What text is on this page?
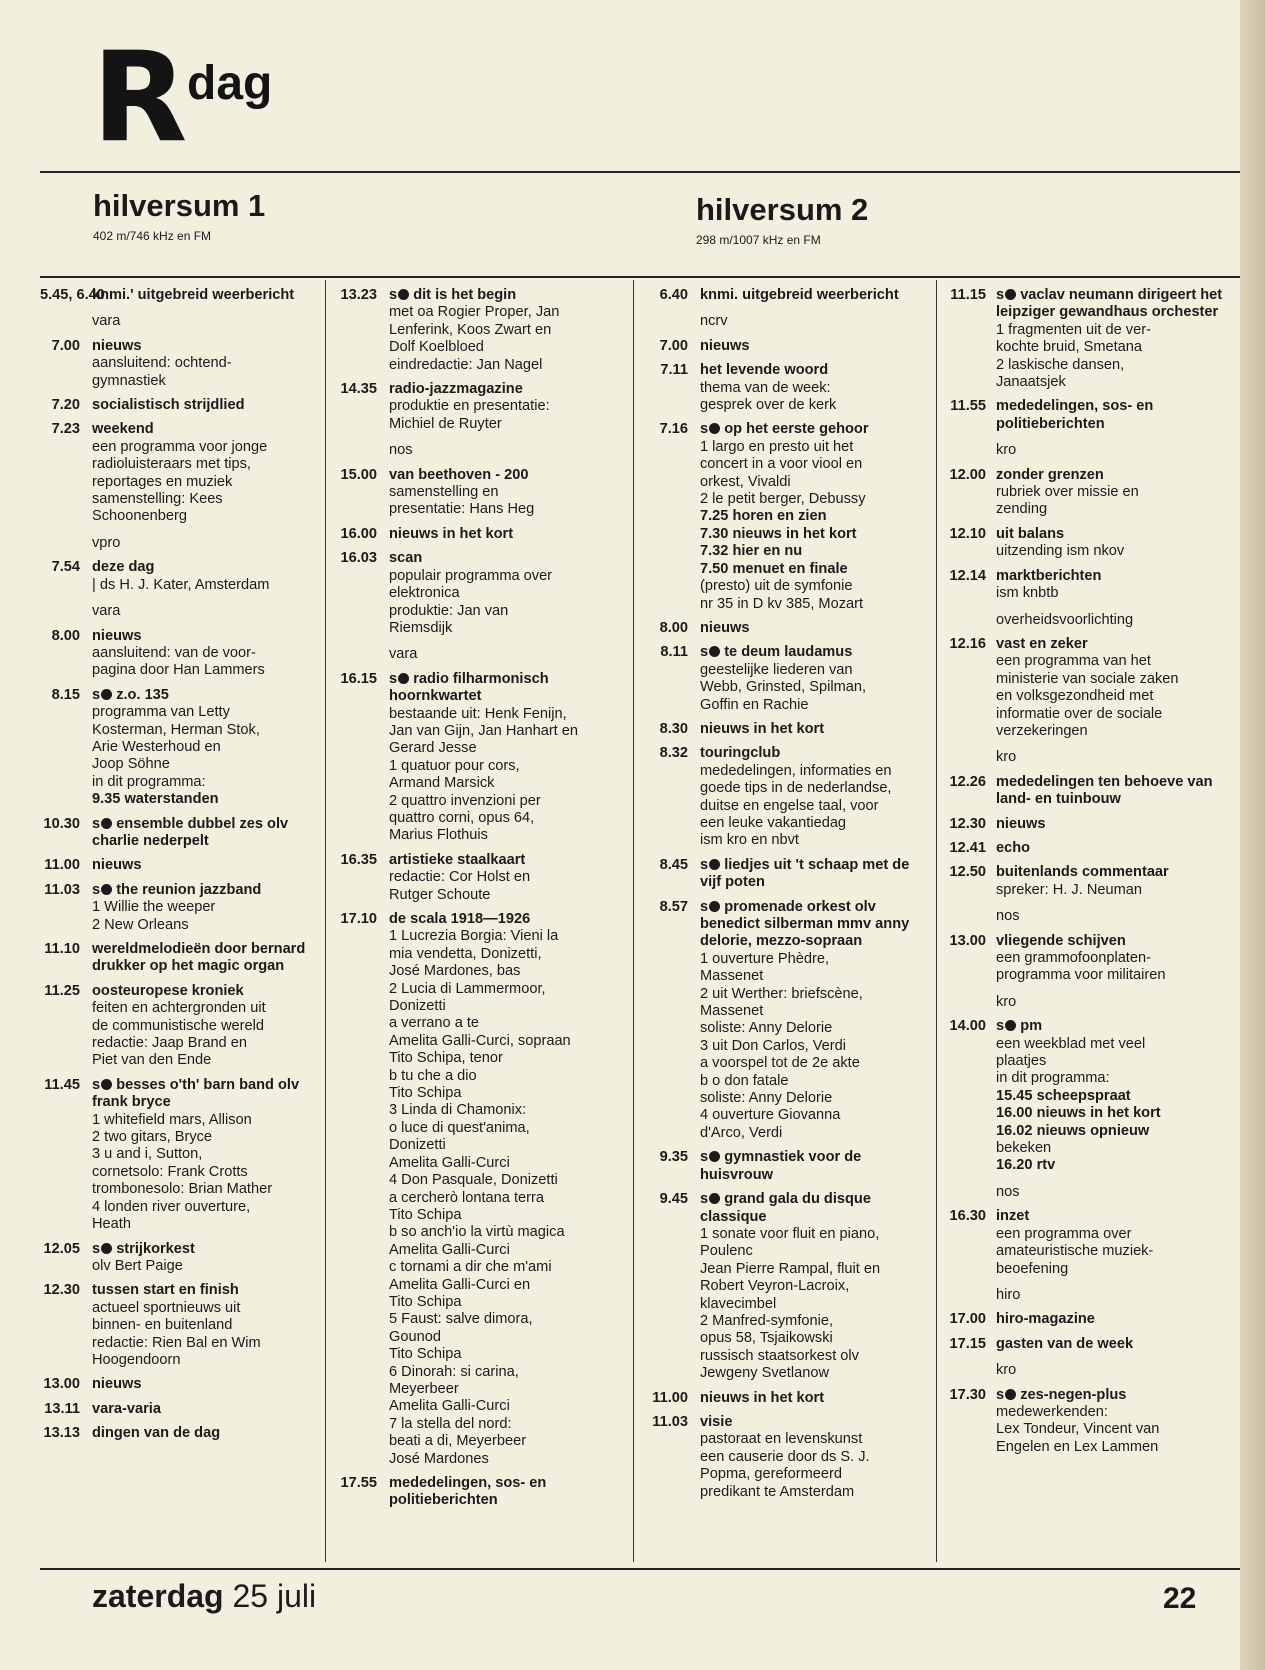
R dag
hilversum 1
402 m/746 kHz en FM
hilversum 2
298 m/1007 kHz en FM
5.45, 6.40
knmi.' uitgebreid weerbericht
vara
7.00 nieuws
aansluitend: ochtend-
gymnastiek
7.20 socialistisch strijdlied
7.23 weekend
een programma voor jonge
radioluisteraars met tips,
reportages en muziek
samenstelling: Kees
Schoonenberg
vpro
7.54 deze dag
| ds H. J. Kater, Amsterdam
vara
8.00 nieuws
aansluitend: van de voor-
pagina door Han Lammers
8.15 s z.o. 135
programma van Letty
Kosterman, Herman Stok,
Arie Westerhoud en
Joop Söhne
in dit programma:
9.35 waterstanden
10.30 s ensemble dubbel zes olv charlie nederpelt
11.00 nieuws
11.03 s the reunion jazzband
1 Willie the weeper
2 New Orleans
11.10 wereldmelodieën door bernard drukker op het magic organ
11.25 oosteuropese kroniek
feiten en achtergronden uit
de communistische wereld
redactie: Jaap Brand en
Piet van den Ende
11.45 s besses o'th' barn band olv frank bryce
1 whitefield mars, Allison
2 two gitars, Bryce
3 u and i, Sutton,
cornetsolo: Frank Crotts
trombonesolo: Brian Mather
4 londen river ouverture,
Heath
12.05 s strijkorkest
olv Bert Paige
12.30 tussen start en finish
actueel sportnieuws uit
binnen- en buitenland
redactie: Rien Bal en Wim
Hoogendoorn
13.00 nieuws
13.11 vara-varia
13.13 dingen van de dag
13.23 s dit is het begin
met oa Rogier Proper, Jan
Lenferink, Koos Zwart en
Dolf Koelbloed
eindredactie: Jan Nagel
14.35 radio-jazzmagazine
produktie en presentatie:
Michiel de Ruyter
nos
15.00 van beethoven - 200
samenstelling en
presentatie: Hans Heg
16.00 nieuws in het kort
16.03 scan
populair programma over
elektronica
produktie: Jan van
Riemsdijk
vara
16.15 s radio filharmonisch hoornkwartet
bestaande uit: Henk Fenijn,
Jan van Gijn, Jan Hanhart en
Gerard Jesse
1 quatuor pour cors,
Armand Marsick
2 quattro invenzioni per
quattro corni, opus 64,
Marius Flothuis
16.35 artistieke staalkaart
redactie: Cor Holst en
Rutger Schoute
17.10 de scala 1918—1926
1 Lucrezia Borgia: Vieni la
mia vendetta, Donizetti,
José Mardones, bas
2 Lucia di Lammermoor,
Donizetti
a verrano a te
Amelita Galli-Curci, sopraan
Tito Schipa, tenor
b tu che a dio
Tito Schipa
3 Linda di Chamonix:
o luce di quest'anima,
Donizetti
Amelita Galli-Curci
4 Don Pasquale, Donizetti
a cercherò lontana terra
Tito Schipa
b so anch'io la virtù magica
Amelita Galli-Curci
c tornami a dir che m'ami
Amelita Galli-Curci en
Tito Schipa
5 Faust: salve dimora,
Gounod
Tito Schipa
6 Dinorah: si carina,
Meyerbeer
Amelita Galli-Curci
7 la stella del nord:
beati a di, Meyerbeer
José Mardones
17.55 mededelingen, sos- en politieberichten
6.40 knmi. uitgebreid weerbericht
ncrv
7.00 nieuws
7.11 het levende woord
thema van de week:
gesprek over de kerk
7.16 s op het eerste gehoor
1 largo en presto uit het
concert in a voor viool en
orkest, Vivaldi
2 le petit berger, Debussy
7.25 horen en zien
7.30 nieuws in het kort
7.32 hier en nu
7.50 menuet en finale
(presto) uit de symfonie
nr 35 in D kv 385, Mozart
8.00 nieuws
8.11 s te deum laudamus
geestelijke liederen van
Webb, Grinsted, Spilman,
Goffin en Rachie
8.30 nieuws in het kort
8.32 touringclub
mededelingen, informaties en
goede tips in de nederlandse,
duitse en engelse taal, voor
een leuke vakantiedag
ism kro en nbvt
8.45 s liedjes uit 't schaap met de vijf poten
8.57 s promenade orkest olv benedict silberman mmv anny delorie, mezzo-sopraan
1 ouverture Phèdre,
Massenet
2 uit Werther: briefscène,
Massenet
soliste: Anny Delorie
3 uit Don Carlos, Verdi
a voorspel tot de 2e akte
b o don fatale
soliste: Anny Delorie
4 ouverture Giovanna
d'Arco, Verdi
9.35 s gymnastiek voor de huisvrouw
9.45 s grand gala du disque classique
1 sonate voor fluit en piano,
Poulenc
Jean Pierre Rampal, fluit en
Robert Veyron-Lacroix,
klavecimbel
2 Manfred-symfonie,
opus 58, Tsjaikowski
russisch staatsorkest olv
Jewgeny Svetlanow
11.00 nieuws in het kort
11.03 visie
pastoraat en levenskunst
een causerie door ds S. J.
Popma, gereformeerd
predikant te Amsterdam
11.15 s vaclav neumann dirigeert het leipziger gewandhaus orchester
1 fragmenten uit de ver-
kochte bruid, Smetana
2 laskische dansen,
Janaatsjek
11.55 mededelingen, sos- en politieberichten
kro
12.00 zonder grenzen
rubriek over missie en
zending
12.10 uit balans
uitzending ism nkov
12.14 marktberichten
ism knbtb
overheidsvoorlichting
12.16 vast en zeker
een programma van het
ministerie van sociale zaken
en volksgezondheid met
informatie over de sociale
verzekeringen
kro
12.26 mededelingen ten behoeve van land- en tuinbouw
12.30 nieuws
12.41 echo
12.50 buitenlands commentaar
spreker: H. J. Neuman
nos
13.00 vliegende schijven
een grammofoonplaten-
programma voor militairen
kro
14.00 s pm
een weekblad met veel
plaatjes
in dit programma:
15.45 scheepspraat
16.00 nieuws in het kort
16.02 nieuws opnieuw
bekeken
16.20 rtv
nos
16.30 inzet
een programma over
amateuristische muziek-
beoefening
hiro
17.00 hiro-magazine
17.15 gasten van de week
kro
17.30 s zes-negen-plus
medewerkenden:
Lex Tondeur, Vincent van
Engelen en Lex Lammen
zaterdag 25 juli	22
